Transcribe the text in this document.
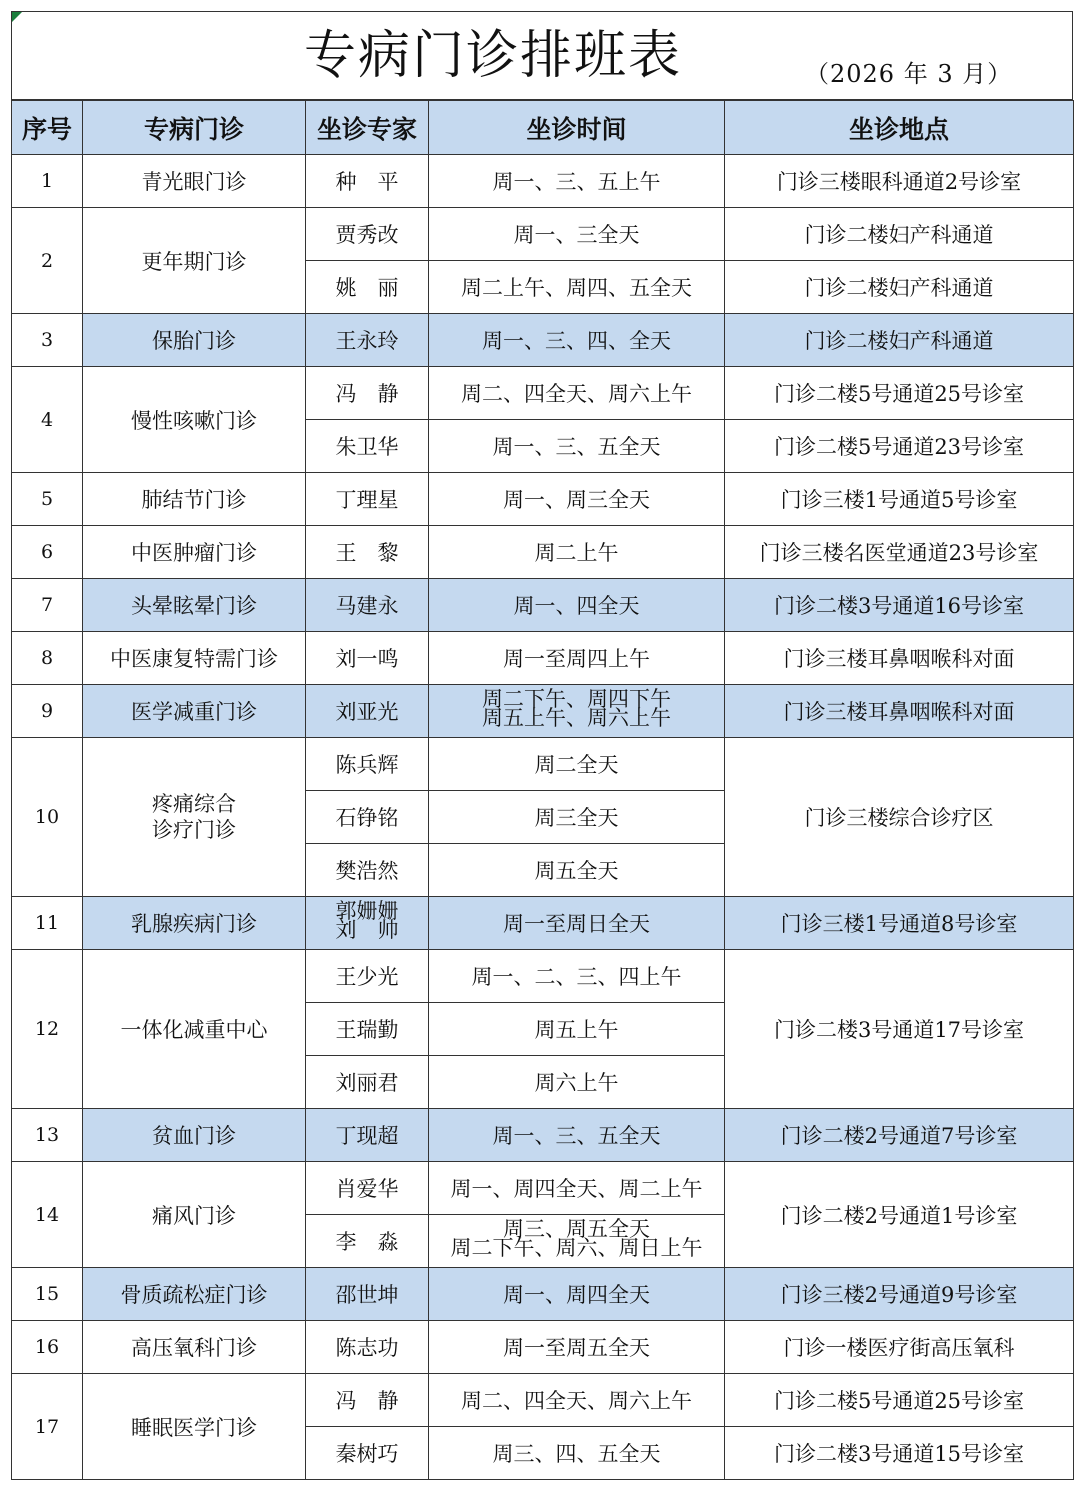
专病门诊排班表	（2026 年 3 月）
序号	专病门诊	坐诊专家	坐诊时间	坐诊地点
1	青光眼门诊	种　平	周一、三、五上午	门诊三楼眼科通道2号诊室
2	更年期门诊	贾秀改	周一、三全天	门诊二楼妇产科通道
		姚　丽	周二上午、周四、五全天	门诊二楼妇产科通道
3	保胎门诊	王永玲	周一、三、四、全天	门诊二楼妇产科通道
4	慢性咳嗽门诊	冯　静	周二、四全天、周六上午	门诊二楼5号通道25号诊室
		朱卫华	周一、三、五全天	门诊二楼5号通道23号诊室
5	肺结节门诊	丁理星	周一、周三全天	门诊三楼1号通道5号诊室
6	中医肿瘤门诊	王　黎	周二上午	门诊三楼名医堂通道23号诊室
7	头晕眩晕门诊	马建永	周一、四全天	门诊二楼3号通道16号诊室
8	中医康复特需门诊	刘一鸣	周一至周四上午	门诊三楼耳鼻咽喉科对面
9	医学减重门诊	刘亚光	周二下午、周四下午
周五上午、周六上午	门诊三楼耳鼻咽喉科对面
10	疼痛综合
诊疗门诊	陈兵辉	周二全天	门诊三楼综合诊疗区
		石铮铭	周三全天	
		樊浩然	周五全天	
11	乳腺疾病门诊	郭姗姗
刘　帅	周一至周日全天	门诊三楼1号通道8号诊室
12	一体化减重中心	王少光	周一、二、三、四上午	门诊二楼3号通道17号诊室
		王瑞勤	周五上午	
		刘丽君	周六上午	
13	贫血门诊	丁现超	周一、三、五全天	门诊二楼2号通道7号诊室
14	痛风门诊	肖爱华	周一、周四全天、周二上午	门诊二楼2号通道1号诊室
		李　淼	周三、周五全天
周二下午、周六、周日上午	

15	骨质疏松症门诊	邵世坤	周一、周四全天	门诊三楼2号通道9号诊室
16	高压氧科门诊	陈志功	周一至周五全天	门诊一楼医疗街高压氧科
17	睡眠医学门诊	冯　静	周二、四全天、周六上午	门诊二楼5号通道25号诊室
		秦树巧	周三、四、五全天	门诊二楼3号通道15号诊室
